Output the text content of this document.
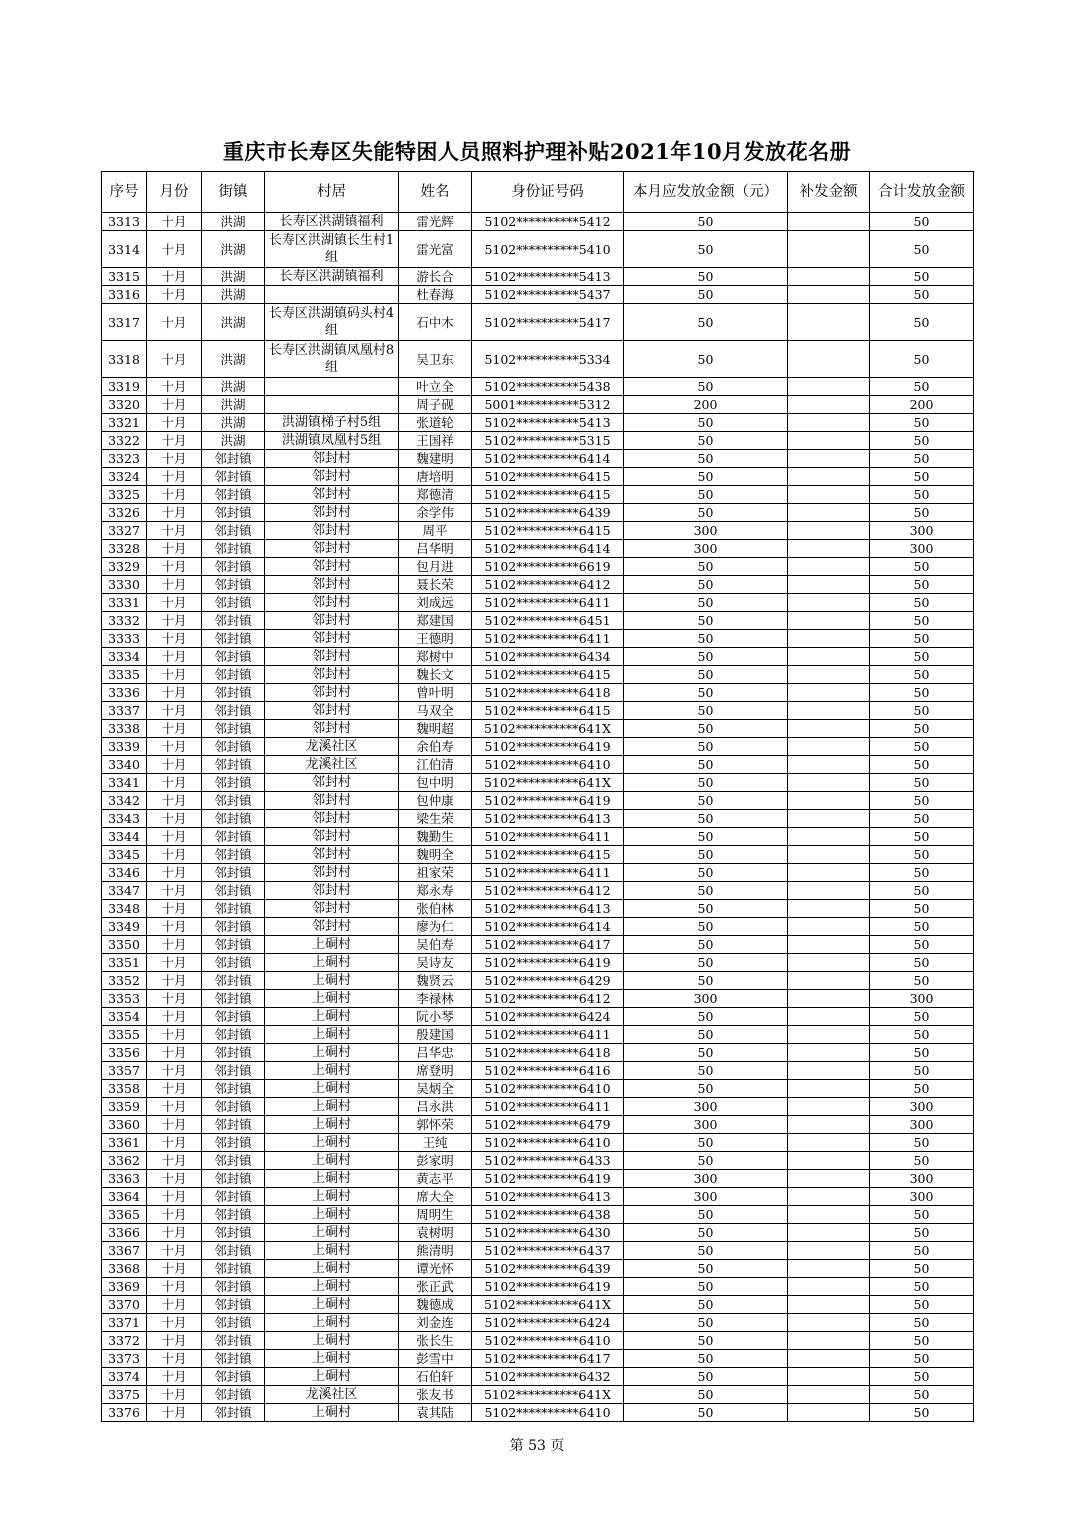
重庆市长寿区失能特困人员照料护理补贴2021年10月发放花名册
序号	月份	街镇	村居	姓名	身份证号码	本月应发放金额（元）	补发金额	合计发放金额
3313	十月	洪湖	长寿区洪湖镇福利	雷光辉	5102**********5412	50		50
3314	十月	洪湖	长寿区洪湖镇长生村1组	雷光富	5102**********5410	50		50
3315	十月	洪湖	长寿区洪湖镇福利	游长合	5102**********5413	50		50
3316	十月	洪湖		杜春海	5102**********5437	50		50
3317	十月	洪湖	长寿区洪湖镇码头村4组	石中木	5102**********5417	50		50
3318	十月	洪湖	长寿区洪湖镇凤凰村8组	吴卫东	5102**********5334	50		50
3319	十月	洪湖		叶立全	5102**********5438	50		50
3320	十月	洪湖		周子砚	5001**********5312	200		200
3321	十月	洪湖	洪湖镇梯子村5组	张道轮	5102**********5413	50		50
3322	十月	洪湖	洪湖镇凤凰村5组	王国祥	5102**********5315	50		50
3323	十月	邻封镇	邻封村	魏建明	5102**********6414	50		50
3324	十月	邻封镇	邻封村	唐培明	5102**********6415	50		50
3325	十月	邻封镇	邻封村	郑德清	5102**********6415	50		50
3326	十月	邻封镇	邻封村	余学伟	5102**********6439	50		50
3327	十月	邻封镇	邻封村	周平	5102**********6415	300		300
3328	十月	邻封镇	邻封村	吕华明	5102**********6414	300		300
3329	十月	邻封镇	邻封村	包月进	5102**********6619	50		50
3330	十月	邻封镇	邻封村	聂长荣	5102**********6412	50		50
3331	十月	邻封镇	邻封村	刘成远	5102**********6411	50		50
3332	十月	邻封镇	邻封村	郑建国	5102**********6451	50		50
3333	十月	邻封镇	邻封村	王德明	5102**********6411	50		50
3334	十月	邻封镇	邻封村	郑树中	5102**********6434	50		50
3335	十月	邻封镇	邻封村	魏长文	5102**********6415	50		50
3336	十月	邻封镇	邻封村	曾叶明	5102**********6418	50		50
3337	十月	邻封镇	邻封村	马双全	5102**********6415	50		50
3338	十月	邻封镇	邻封村	魏明超	5102**********641X	50		50
3339	十月	邻封镇	龙溪社区	余伯寿	5102**********6419	50		50
3340	十月	邻封镇	龙溪社区	江伯清	5102**********6410	50		50
3341	十月	邻封镇	邻封村	包中明	5102**********641X	50		50
3342	十月	邻封镇	邻封村	包仲康	5102**********6419	50		50
3343	十月	邻封镇	邻封村	梁生荣	5102**********6413	50		50
3344	十月	邻封镇	邻封村	魏勤生	5102**********6411	50		50
3345	十月	邻封镇	邻封村	魏明全	5102**********6415	50		50
3346	十月	邻封镇	邻封村	祖家荣	5102**********6411	50		50
3347	十月	邻封镇	邻封村	郑永寿	5102**********6412	50		50
3348	十月	邻封镇	邻封村	张伯林	5102**********6413	50		50
3349	十月	邻封镇	邻封村	廖为仁	5102**********6414	50		50
3350	十月	邻封镇	上硐村	吴伯寿	5102**********6417	50		50
3351	十月	邻封镇	上硐村	吴诗友	5102**********6419	50		50
3352	十月	邻封镇	上硐村	魏贤云	5102**********6429	50		50
3353	十月	邻封镇	上硐村	李禄林	5102**********6412	300		300
3354	十月	邻封镇	上硐村	阮小琴	5102**********6424	50		50
3355	十月	邻封镇	上硐村	殷建国	5102**********6411	50		50
3356	十月	邻封镇	上硐村	吕华忠	5102**********6418	50		50
3357	十月	邻封镇	上硐村	席登明	5102**********6416	50		50
3358	十月	邻封镇	上硐村	吴炳全	5102**********6410	50		50
3359	十月	邻封镇	上硐村	吕永洪	5102**********6411	300		300
3360	十月	邻封镇	上硐村	郭怀荣	5102**********6479	300		300
3361	十月	邻封镇	上硐村	王纯	5102**********6410	50		50
3362	十月	邻封镇	上硐村	彭家明	5102**********6433	50		50
3363	十月	邻封镇	上硐村	黄志平	5102**********6419	300		300
3364	十月	邻封镇	上硐村	席大全	5102**********6413	300		300
3365	十月	邻封镇	上硐村	周明生	5102**********6438	50		50
3366	十月	邻封镇	上硐村	袁树明	5102**********6430	50		50
3367	十月	邻封镇	上硐村	熊清明	5102**********6437	50		50
3368	十月	邻封镇	上硐村	谭光怀	5102**********6439	50		50
3369	十月	邻封镇	上硐村	张正武	5102**********6419	50		50
3370	十月	邻封镇	上硐村	魏德成	5102**********641X	50		50
3371	十月	邻封镇	上硐村	刘金连	5102**********6424	50		50
3372	十月	邻封镇	上硐村	张长生	5102**********6410	50		50
3373	十月	邻封镇	上硐村	彭雪中	5102**********6417	50		50
3374	十月	邻封镇	上硐村	石伯轩	5102**********6432	50		50
3375	十月	邻封镇	龙溪社区	张友书	5102**********641X	50		50
3376	十月	邻封镇	上硐村	袁其陆	5102**********6410	50		50
第 53 页
